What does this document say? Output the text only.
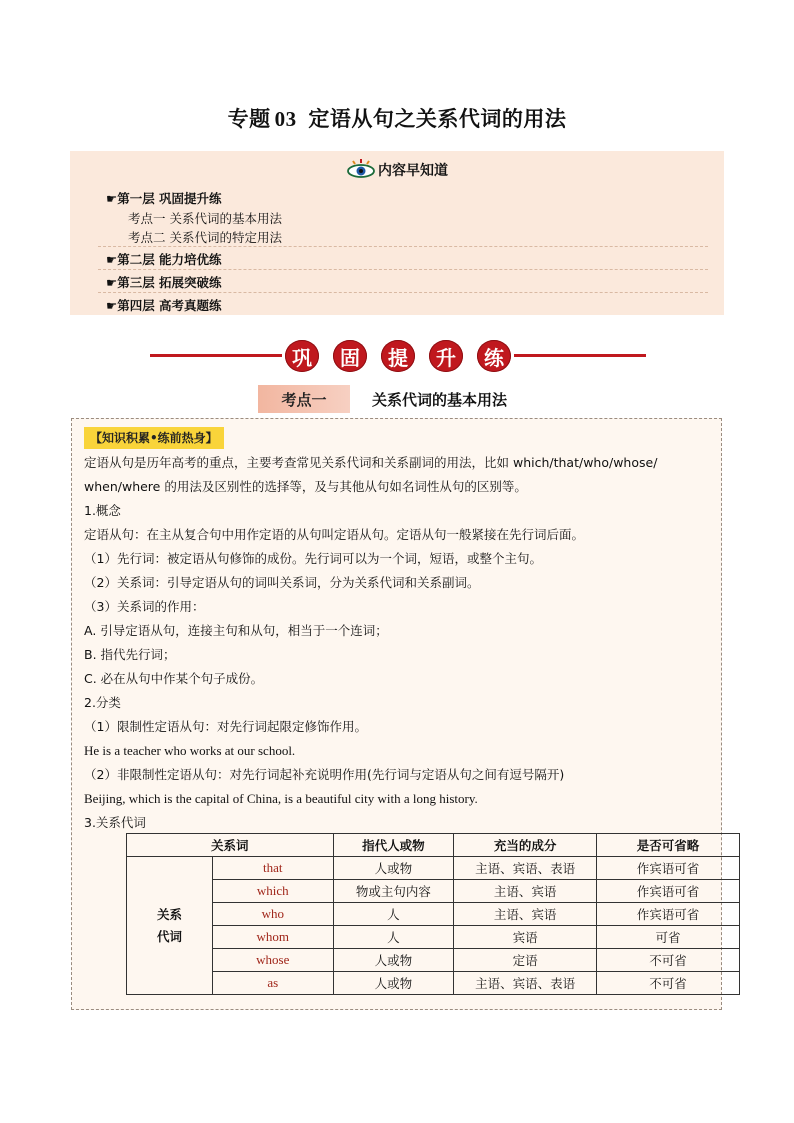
专题 03 定语从句之关系代词的用法
内容早知道
☛第一层 巩固提升练
考点一 关系代词的基本用法
考点二 关系代词的特定用法
☛第二层 能力培优练
☛第三层 拓展突破练
☛第四层 高考真题练
巩	固	提	升	练
考点一	关系代词的基本用法
【知识积累•练前热身】
定语从句是历年高考的重点，主要考查常见关系代词和关系副词的用法，比如 which/that/who/whose/
when/where 的用法及区别性的选择等，及与其他从句如名词性从句的区别等。
1.概念
定语从句：在主从复合句中用作定语的从句叫定语从句。定语从句一般紧接在先行词后面。
（1）先行词：被定语从句修饰的成份。先行词可以为一个词，短语，或整个主句。
（2）关系词：引导定语从句的词叫关系词，分为关系代词和关系副词。
（3）关系词的作用：
A. 引导定语从句，连接主句和从句，相当于一个连词；
B. 指代先行词；
C. 必在从句中作某个句子成份。
2.分类
（1）限制性定语从句：对先行词起限定修饰作用。
He is a teacher who works at our school.
（2）非限制性定语从句：对先行词起补充说明作用(先行词与定语从句之间有逗号隔开)
Beijing, which is the capital of China, is a beautiful city with a long history.
3.关系代词
关系词		指代人或物	充当的成分	是否可省略

关系
代词	that	人或物	主语、宾语、表语	作宾语可省
	which	物或主句内容	主语、宾语	作宾语可省
	who	人	主语、宾语	作宾语可省
	whom	人	宾语	可省
	whose	人或物	定语	不可省
	as	人或物	主语、宾语、表语	不可省
